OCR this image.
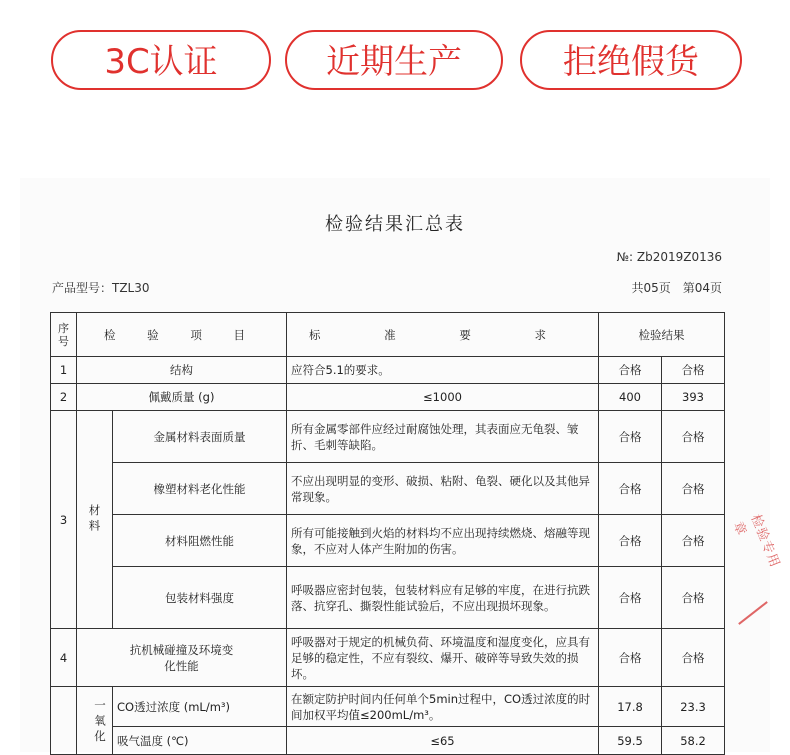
3C认证	近期生产	拒绝假货
检验结果汇总表
№: Zb2019Z0136
产品型号：TZL30	共05页　第04页
序号	检 验 项 目		标 准 要 求	检验结果	
1	结构		应符合5.1的要求。	合格	合格
2	佩戴质量 (g)		≤1000	400	393
3	材料	金属材料表面质量	所有金属零部件应经过耐腐蚀处理，其表面应无龟裂、皱折、毛刺等缺陷。	合格	合格
		橡塑材料老化性能	不应出现明显的变形、破损、粘附、龟裂、硬化以及其他异常现象。	合格	合格
		材料阻燃性能	所有可能接触到火焰的材料均不应出现持续燃烧、熔融等现象，不应对人体产生附加的伤害。	合格	合格
		包装材料强度	呼吸器应密封包装，包装材料应有足够的牢度，在进行抗跌落、抗穿孔、撕裂性能试验后，不应出现损坏现象。	合格	合格
4	抗机械碰撞及环境变化性能		呼吸器对于规定的机械负荷、环境温度和湿度变化，应具有足够的稳定性，不应有裂纹、爆开、破碎等导致失效的损坏。	合格	合格
	一氧化	CO透过浓度 (mL/m³)	在额定防护时间内任何单个5min过程中，CO透过浓度的时间加权平均值≤200mL/m³。	17.8	23.3
		吸气温度 (℃)	≤65	59.5	58.2
检验专用章
